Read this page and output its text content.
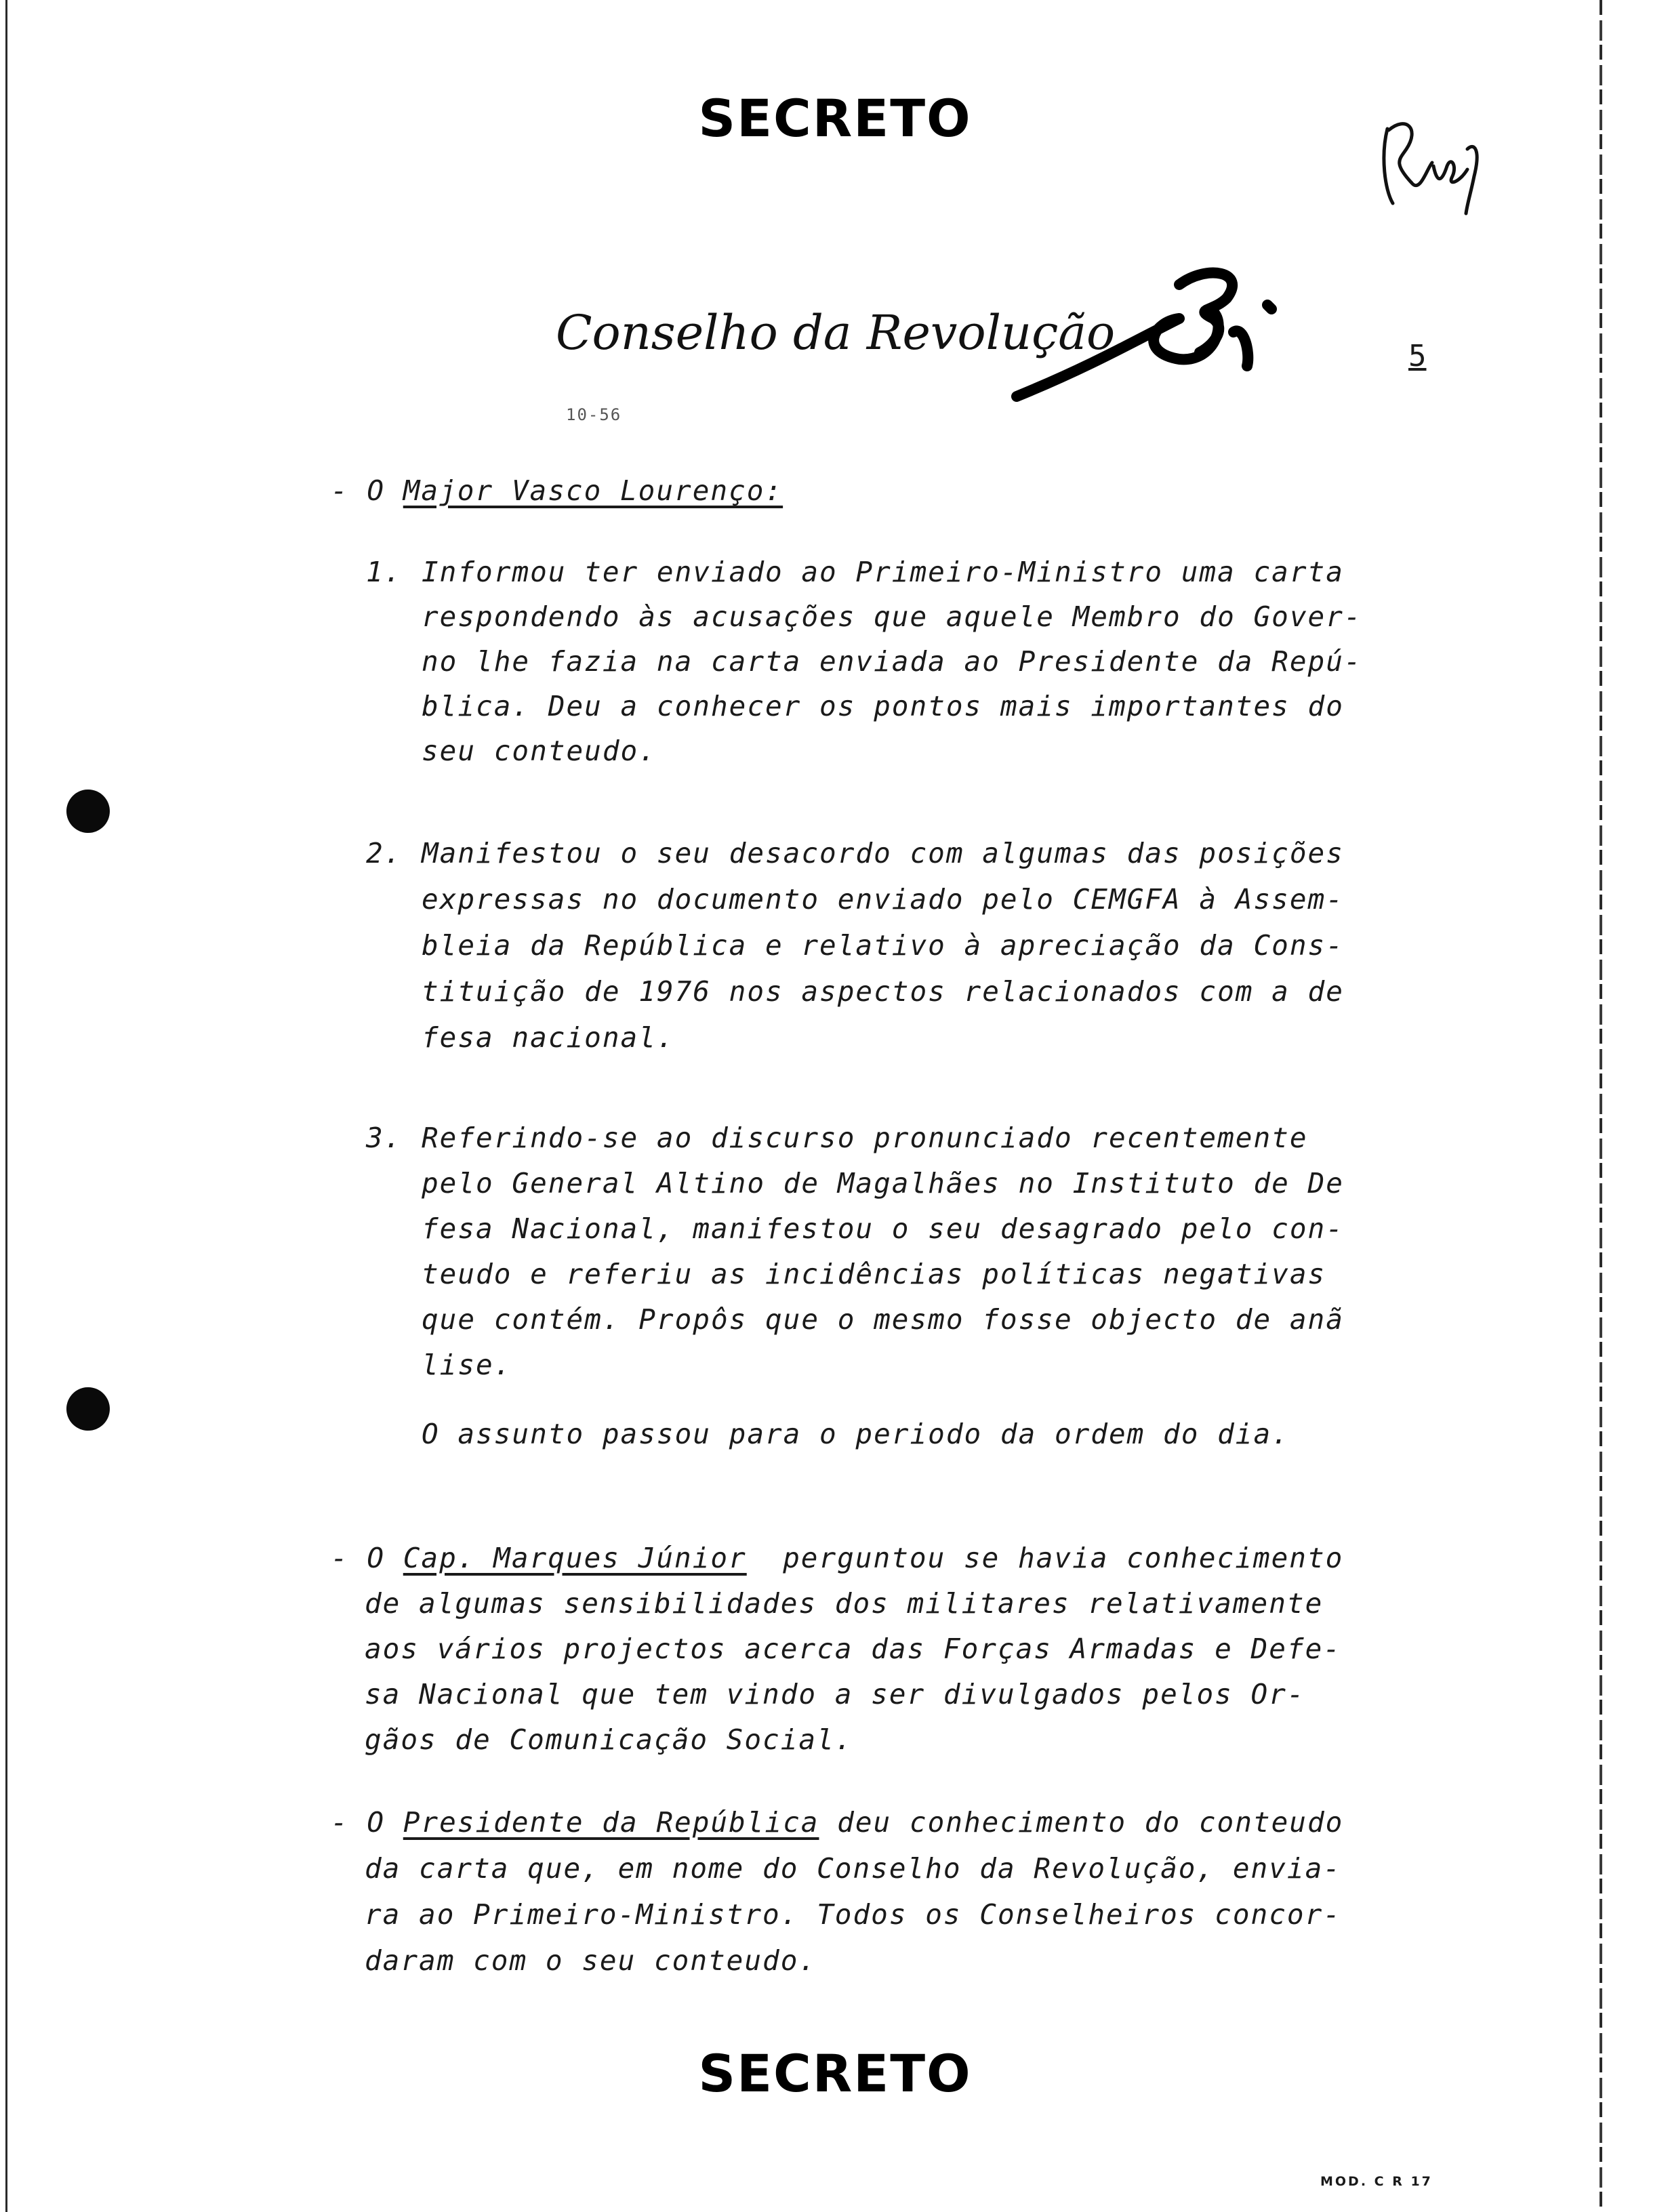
SECRETO
Conselho da Revolução	5
10-56
- O Major Vasco Lourenço:
1. Informou ter enviado ao Primeiro-Ministro uma carta
respondendo às acusações que aquele Membro do Gover-
no lhe fazia na carta enviada ao Presidente da Repú-
blica. Deu a conhecer os pontos mais importantes do
seu conteudo.
2. Manifestou o seu desacordo com algumas das posições
expressas no documento enviado pelo CEMGFA à Assem-
bleia da República e relativo à apreciação da Cons-
tituição de 1976 nos aspectos relacionados com a de
fesa nacional.
3. Referindo-se ao discurso pronunciado recentemente
pelo General Altino de Magalhães no Instituto de De
fesa Nacional, manifestou o seu desagrado pelo con-
teudo e referiu as incidências políticas negativas
que contém. Propôs que o mesmo fosse objecto de anã
lise.
O assunto passou para o periodo da ordem do dia.
- O Cap. Marques Júnior  perguntou se havia conhecimento
de algumas sensibilidades dos militares relativamente
aos vários projectos acerca das Forças Armadas e Defe-
sa Nacional que tem vindo a ser divulgados pelos Or-
gãos de Comunicação Social.
- O Presidente da República deu conhecimento do conteudo
da carta que, em nome do Conselho da Revolução, envia-
ra ao Primeiro-Ministro. Todos os Conselheiros concor-
daram com o seu conteudo.
SECRETO
MOD. C R 17
